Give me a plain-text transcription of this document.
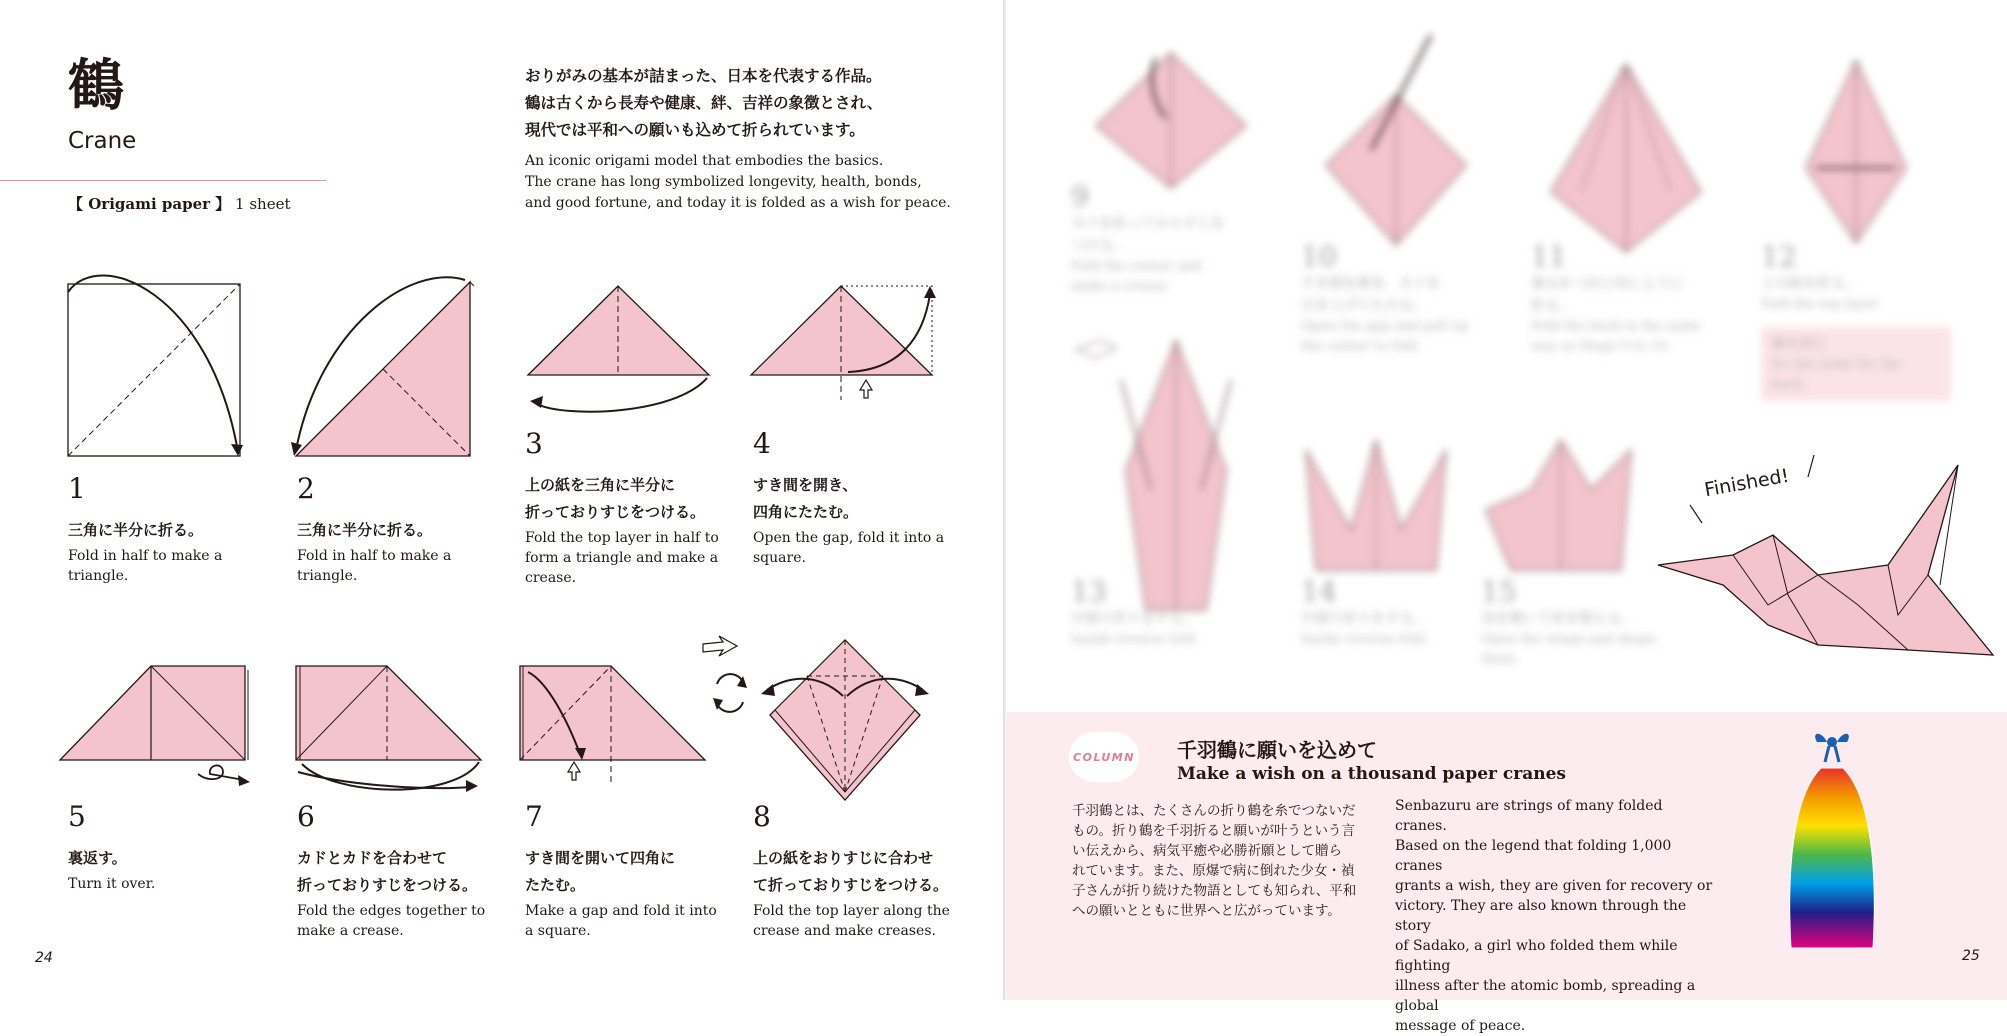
鶴
Crane
【 Origami paper 】 1 sheet
おりがみの基本が詰まった、日本を代表する作品。
鶴は古くから長寿や健康、絆、吉祥の象徴とされ、
現代では平和への願いも込めて折られています。
An iconic origami model that embodies the basics.
The crane has long symbolized longevity, health, bonds,
and good fortune, and today it is folded as a wish for peace.
1
三角に半分に折る。
Fold in half to make a
triangle.
2
三角に半分に折る。
Fold in half to make a
triangle.
3
上の紙を三角に半分に
折っておりすじをつける。
Fold the top layer in half to
form a triangle and make a
crease.
4
すき間を開き、
四角にたたむ。
Open the gap, fold it into a
square.
5
裏返す。
Turn it over.
6
カドとカドを合わせて
折っておりすじをつける。
Fold the edges together to
make a crease.
7
すき間を開いて四角に
たたむ。
Make a gap and fold it into
a square.
8
上の紙をおりすじに合わせ
て折っておりすじをつける。
Fold the top layer along the
crease and make creases.
24
9
カドを折ってからすじを
つける。
Fold the corner and
make a crease.
10
すき間を開き、カドを
引き上げてたたむ。
Open the gap and pull up
the corner to fold.
11
裏も9〜10と同じように
折る。
Fold the back in the same
way as Steps 9 to 10.
12
上の紙を折る。
Fold the top layer.
裏も同じ
Do the same for the back.
13
中割り折りをする。
Inside reverse fold.
14
中割り折りをする。
Inside reverse fold.
15
羽を開いて形を整える。
Open the wings and shape
them.
Finished!
COLUMN 千羽鶴に願いを込めて
Make a wish on a thousand paper cranes
千羽鶴とは、たくさんの折り鶴を糸でつないだ
もの。折り鶴を千羽折ると願いが叶うという言
い伝えから、病気平癒や必勝祈願として贈ら
れています。また、原爆で病に倒れた少女・禎
子さんが折り続けた物語としても知られ、平和
への願いとともに世界へと広がっています。
Senbazuru are strings of many folded cranes.
Based on the legend that folding 1,000 cranes
grants a wish, they are given for recovery or
victory. They are also known through the story
of Sadako, a girl who folded them while fighting
illness after the atomic bomb, spreading a global
message of peace.
25
